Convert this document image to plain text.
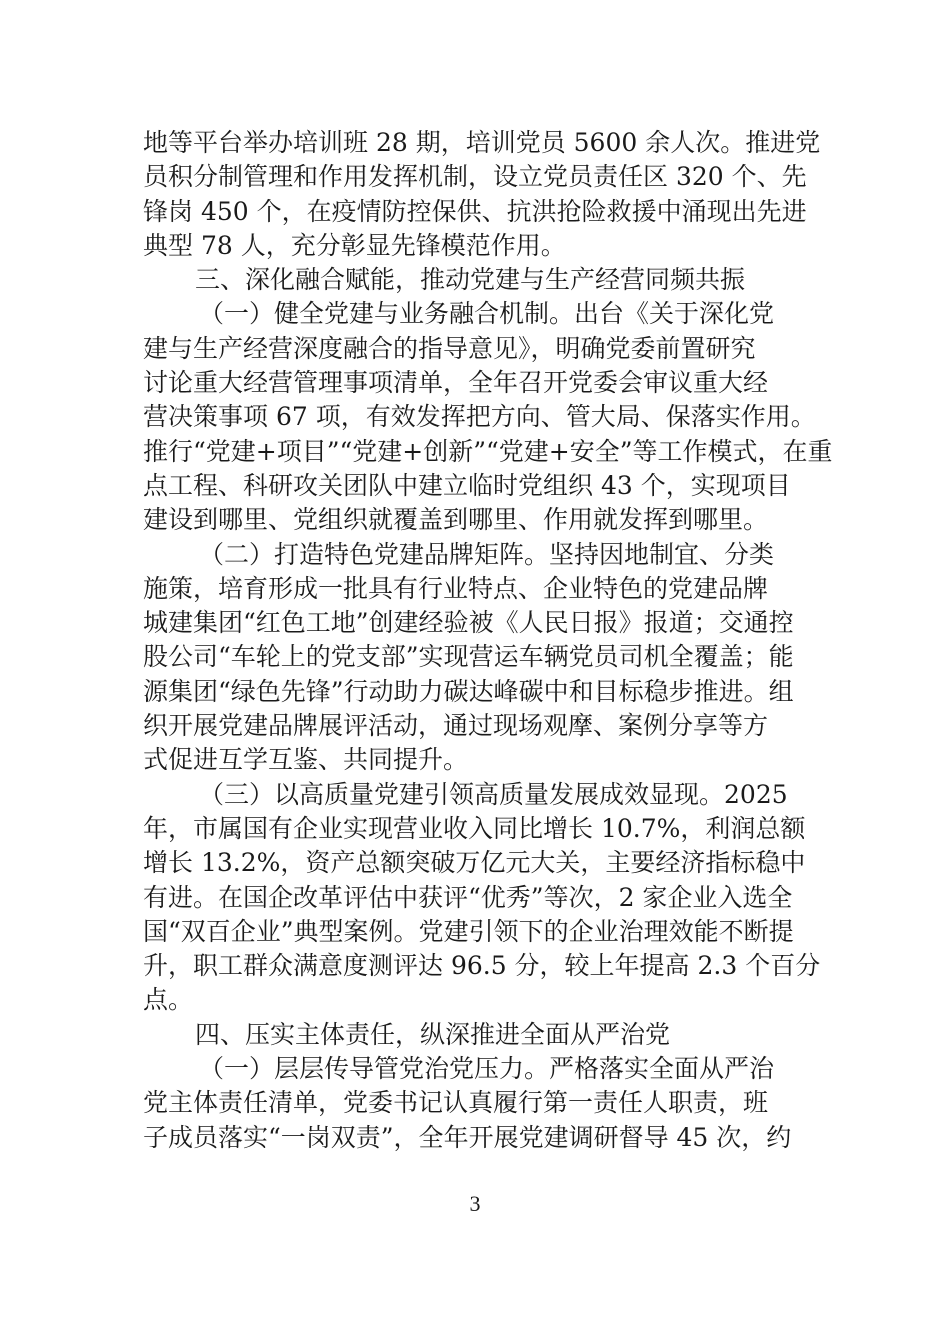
地等平台举办培训班 28 期，培训党员 5600 余人次。推进党
员积分制管理和作用发挥机制，设立党员责任区 320 个、先
锋岗 450 个，在疫情防控保供、抗洪抢险救援中涌现出先进
典型 78 人，充分彰显先锋模范作用。
三、深化融合赋能，推动党建与生产经营同频共振
（一）健全党建与业务融合机制。出台《关于深化党
建与生产经营深度融合的指导意见》，明确党委前置研究
讨论重大经营管理事项清单，全年召开党委会审议重大经
营决策事项 67 项，有效发挥把方向、管大局、保落实作用。
推行“党建+项目”“党建+创新”“党建+安全”等工作模式，在重
点工程、科研攻关团队中建立临时党组织 43 个，实现项目
建设到哪里、党组织就覆盖到哪里、作用就发挥到哪里。
（二）打造特色党建品牌矩阵。坚持因地制宜、分类
施策，培育形成一批具有行业特点、企业特色的党建品牌
城建集团“红色工地”创建经验被《人民日报》报道；交通控
股公司“车轮上的党支部”实现营运车辆党员司机全覆盖；能
源集团“绿色先锋”行动助力碳达峰碳中和目标稳步推进。组
织开展党建品牌展评活动，通过现场观摩、案例分享等方
式促进互学互鉴、共同提升。
（三）以高质量党建引领高质量发展成效显现。2025
年，市属国有企业实现营业收入同比增长 10.7%，利润总额
增长 13.2%，资产总额突破万亿元大关，主要经济指标稳中
有进。在国企改革评估中获评“优秀”等次，2 家企业入选全
国“双百企业”典型案例。党建引领下的企业治理效能不断提
升，职工群众满意度测评达 96.5 分，较上年提高 2.3 个百分
点。
四、压实主体责任，纵深推进全面从严治党
（一）层层传导管党治党压力。严格落实全面从严治
党主体责任清单，党委书记认真履行第一责任人职责，班
子成员落实“一岗双责”，全年开展党建调研督导 45 次，约
3
